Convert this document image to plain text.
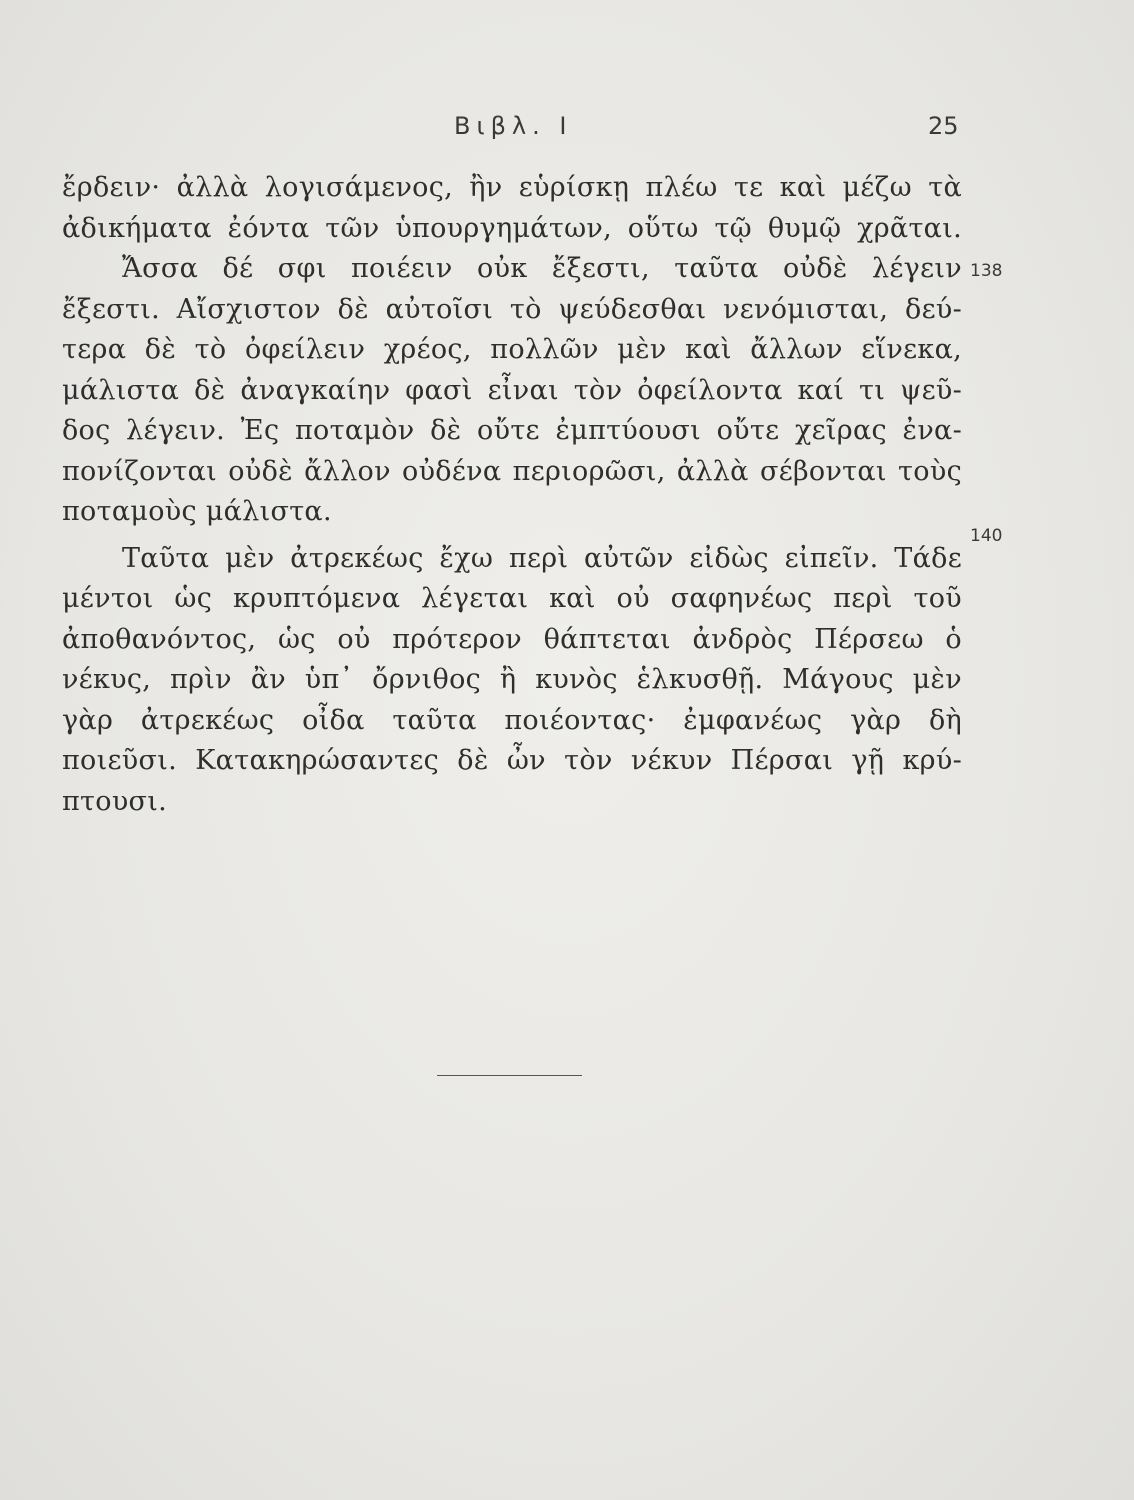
Βιβλ. Ι	25
138
140
ἔρδειν· ἀλλὰ λογισάμενος, ἢν εὑρίσκῃ πλέω τε καὶ μέζω τὰ
ἀδικήματα ἐόντα τῶν ὑπουργημάτων, οὕτω τῷ θυμῷ χρᾶται.
Ἄσσα δέ σφι ποιέειν οὐκ ἔξεστι, ταῦτα οὐδὲ λέγειν
ἔξεστι. Αἴσχιστον δὲ αὐτοῖσι τὸ ψεύδεσθαι νενόμισται, δεύ-
τερα δὲ τὸ ὀφείλειν χρέος, πολλῶν μὲν καὶ ἄλλων εἵνεκα,
μάλιστα δὲ ἀναγκαίην φασὶ εἶναι τὸν ὀφείλοντα καί τι ψεῦ-
δος λέγειν. Ἐς ποταμὸν δὲ οὔτε ἐμπτύουσι οὔτε χεῖρας ἐνα-
πονίζονται οὐδὲ ἄλλον οὐδένα περιορῶσι, ἀλλὰ σέβονται τοὺς
ποταμοὺς μάλιστα.
Ταῦτα μὲν ἀτρεκέως ἔχω περὶ αὐτῶν εἰδὼς εἰπεῖν. Τάδε
μέντοι ὡς κρυπτόμενα λέγεται καὶ οὐ σαφηνέως περὶ τοῦ
ἀποθανόντος, ὡς οὐ πρότερον θάπτεται ἀνδρὸς Πέρσεω ὁ
νέκυς, πρὶν ἂν ὑπ᾽ ὄρνιθος ἢ κυνὸς ἑλκυσθῇ. Μάγους μὲν
γὰρ ἀτρεκέως οἶδα ταῦτα ποιέοντας· ἐμφανέως γὰρ δὴ
ποιεῦσι. Κατακηρώσαντες δὲ ὦν τὸν νέκυν Πέρσαι γῇ κρύ-
πτουσι.
